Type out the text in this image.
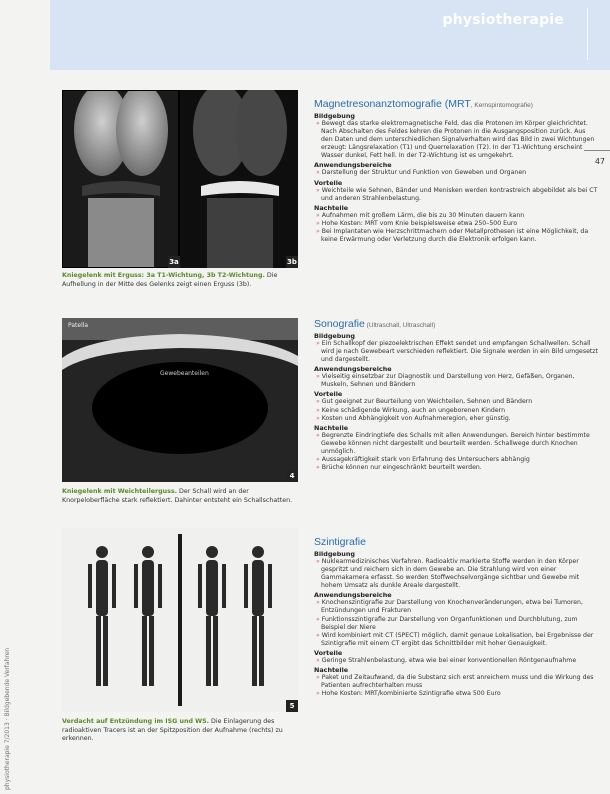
physiotherapie
47
physiotherapie 7/2013 · Bildgebende Verfahren
3a	3b
Kniegelenk mit Erguss: 3a T1-Wichtung, 3b T2-Wichtung. Die Aufhellung in der Mitte des Gelenks zeigt einen Erguss (3b).
Patella
Gewebeanteilen
4
Kniegelenk mit Weichteilerguss. Der Schall wird an der Knorpeloberfläche stark reflektiert. Dahinter entsteht ein Schallschatten.
5
Verdacht auf Entzündung im ISG und WS. Die Einlagerung des radioaktiven Tracers ist an der Spitzposition der Aufnahme (rechts) zu erkennen.
Magnetresonanztomografie (MRT, Kernspintomografie)
Bildgebung

» Bewegt das starke elektromagnetische Feld, das die Protonen im Körper gleichrichtet. Nach Abschalten des Feldes kehren die Protonen in die Ausgangsposition zurück. Aus den Daten und dem unterschiedlichen Signalverhalten wird das Bild in zwei Wichtungen erzeugt: Längsrelaxation (T1) und Querrelaxation (T2). In der T1-Wichtung erscheint Wasser dunkel, Fett hell. In der T2-Wichtung ist es umgekehrt.

Anwendungsbereiche

» Darstellung der Struktur und Funktion von Geweben und Organen

Vorteile

» Weichteile wie Sehnen, Bänder und Menisken werden kontrastreich abgebildet als bei CT und anderen Strahlenbelastung.

Nachteile

» Aufnahmen mit großem Lärm, die bis zu 30 Minuten dauern kann

» Hohe Kosten: MRT vom Knie beispielsweise etwa 250–500 Euro

» Bei Implantaten wie Herzschrittmachern oder Metallprothesen ist eine Möglichkeit, da keine Erwärmung oder Verletzung durch die Elektronik erfolgen kann.

Sonografie (Ultraschall, Ultraschall)
Bildgebung

» Ein Schallkopf der piezoelektrischen Effekt sendet und empfangen Schallwellen. Schall wird je nach Gewebeart verschieden reflektiert. Die Signale werden in ein Bild umgesetzt und dargestellt.

Anwendungsbereiche

» Vielseitig einsetzbar zur Diagnostik und Darstellung von Herz, Gefäßen, Organen, Muskeln, Sehnen und Bändern

Vorteile

» Gut geeignet zur Beurteilung von Weichteilen, Sehnen und Bändern

» Keine schädigende Wirkung, auch an ungeborenen Kindern

» Kosten und Abhängigkeit von Aufnahmeregion, eher günstig.

Nachteile

» Begrenzte Eindringtiefe des Schalls mit allen Anwendungen. Bereich hinter bestimmte Gewebe können nicht dargestellt und beurteilt werden. Schallwege durch Knochen unmöglich.

» Aussagekräftigkeit stark von Erfahrung des Untersuchers abhängig

» Brüche können nur eingeschränkt beurteilt werden.

Szintigrafie
Bildgebung

» Nuklearmedizinisches Verfahren. Radioaktiv markierte Stoffe werden in den Körper gespritzt und reichern sich in dem Gewebe an. Die Strahlung wird von einer Gammakamera erfasst. So werden Stoffwechselvorgänge sichtbar und Gewebe mit hohem Umsatz als dunkle Areale dargestellt.

Anwendungsbereiche

» Knochenszintigrafie zur Darstellung von Knochenveränderungen, etwa bei Tumoren, Entzündungen und Frakturen

» Funktionsszintigrafie zur Darstellung von Organfunktionen und Durchblutung, zum Beispiel der Niere

» Wird kombiniert mit CT (SPECT) möglich, damit genaue Lokalisation, bei Ergebnisse der Szintigrafie mit einem CT ergibt das Schnittbilder mit hoher Genauigkeit.

Vorteile

» Geringe Strahlenbelastung, etwa wie bei einer konventionellen Röntgenaufnahme

Nachteile

» Paket und Zeitaufwand, da die Substanz sich erst anreichern muss und die Wirkung des Patienten aufrechterhalten muss

» Hohe Kosten: MRT/kombinierte Szintigrafie etwa 500 Euro
